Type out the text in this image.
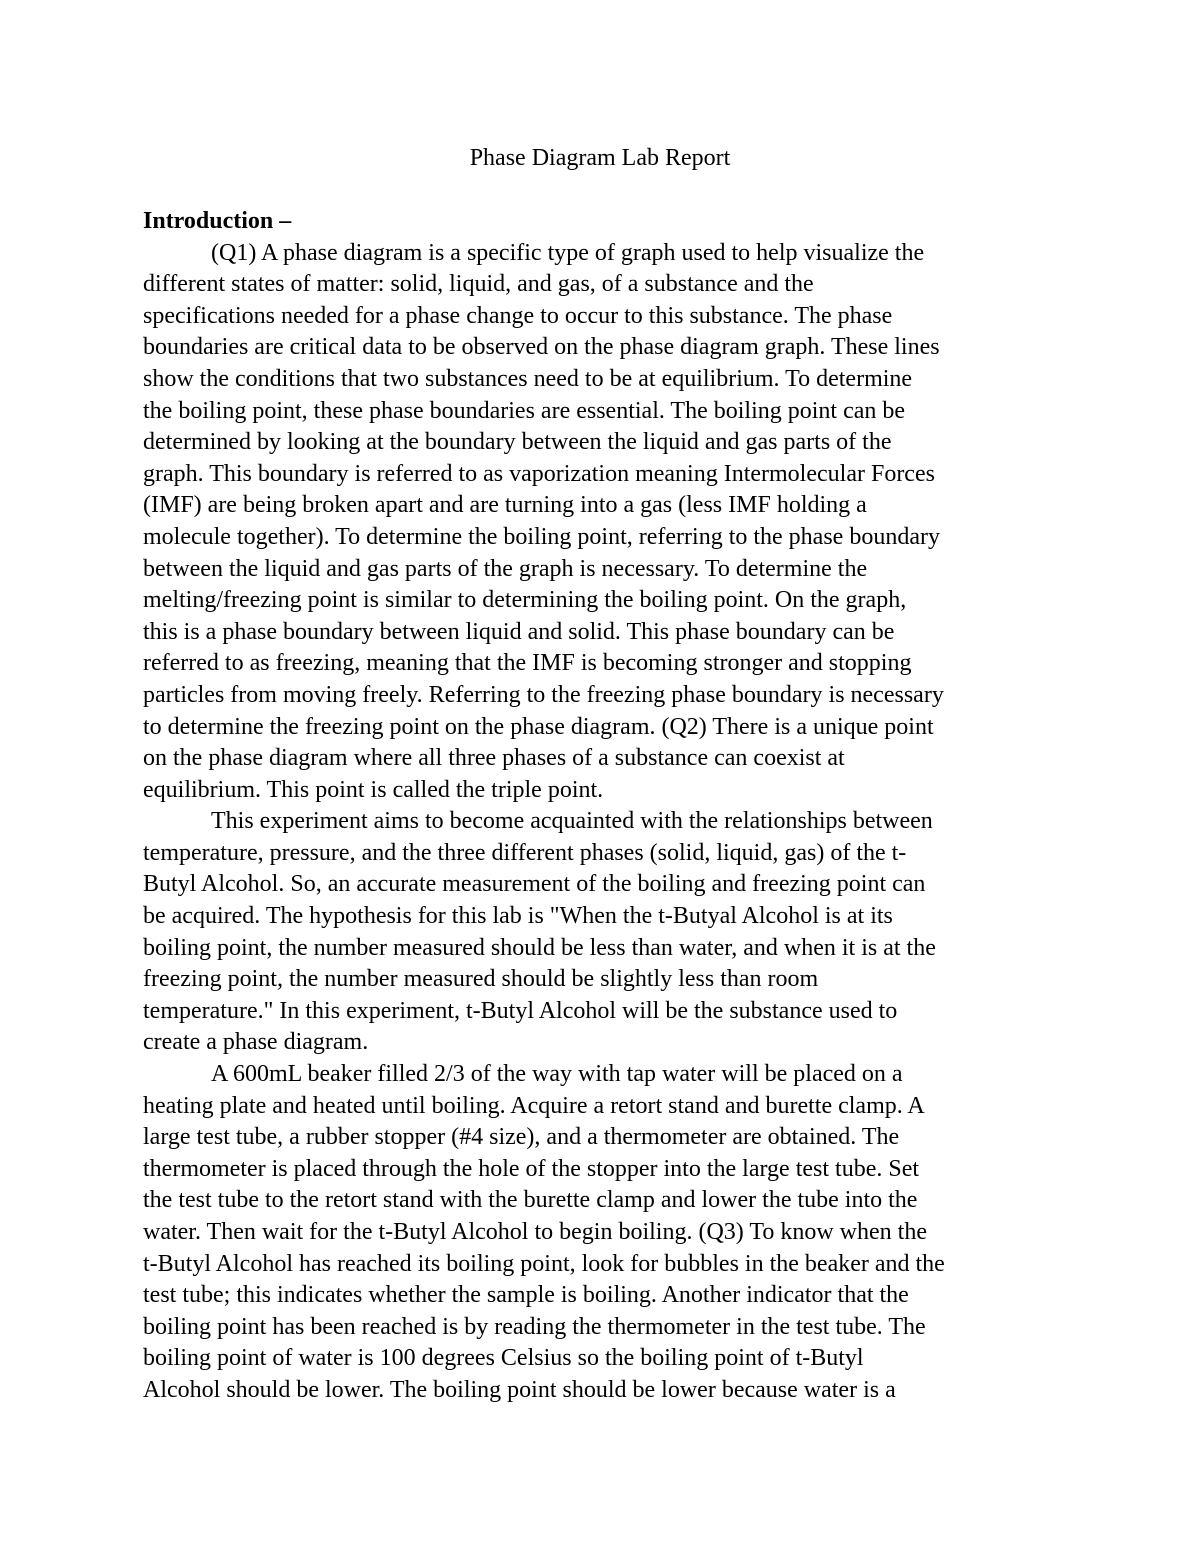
Phase Diagram Lab Report

Introduction –

(Q1) A phase diagram is a specific type of graph used to help visualize the
different states of matter: solid, liquid, and gas, of a substance and the
specifications needed for a phase change to occur to this substance. The phase
boundaries are critical data to be observed on the phase diagram graph. These lines
show the conditions that two substances need to be at equilibrium. To determine
the boiling point, these phase boundaries are essential. The boiling point can be
determined by looking at the boundary between the liquid and gas parts of the
graph. This boundary is referred to as vaporization meaning Intermolecular Forces
(IMF) are being broken apart and are turning into a gas (less IMF holding a
molecule together). To determine the boiling point, referring to the phase boundary
between the liquid and gas parts of the graph is necessary. To determine the
melting/freezing point is similar to determining the boiling point. On the graph,
this is a phase boundary between liquid and solid. This phase boundary can be
referred to as freezing, meaning that the IMF is becoming stronger and stopping
particles from moving freely. Referring to the freezing phase boundary is necessary
to determine the freezing point on the phase diagram. (Q2) There is a unique point
on the phase diagram where all three phases of a substance can coexist at
equilibrium. This point is called the triple point.
This experiment aims to become acquainted with the relationships between
temperature, pressure, and the three different phases (solid, liquid, gas) of the t-
Butyl Alcohol. So, an accurate measurement of the boiling and freezing point can
be acquired. The hypothesis for this lab is "When the t-Butyal Alcohol is at its
boiling point, the number measured should be less than water, and when it is at the
freezing point, the number measured should be slightly less than room
temperature." In this experiment, t-Butyl Alcohol will be the substance used to
create a phase diagram.
A 600mL beaker filled 2/3 of the way with tap water will be placed on a
heating plate and heated until boiling. Acquire a retort stand and burette clamp. A
large test tube, a rubber stopper (#4 size), and a thermometer are obtained. The
thermometer is placed through the hole of the stopper into the large test tube. Set
the test tube to the retort stand with the burette clamp and lower the tube into the
water. Then wait for the t-Butyl Alcohol to begin boiling. (Q3) To know when the
t-Butyl Alcohol has reached its boiling point, look for bubbles in the beaker and the
test tube; this indicates whether the sample is boiling. Another indicator that the
boiling point has been reached is by reading the thermometer in the test tube. The
boiling point of water is 100 degrees Celsius so the boiling point of t-Butyl
Alcohol should be lower. The boiling point should be lower because water is a
